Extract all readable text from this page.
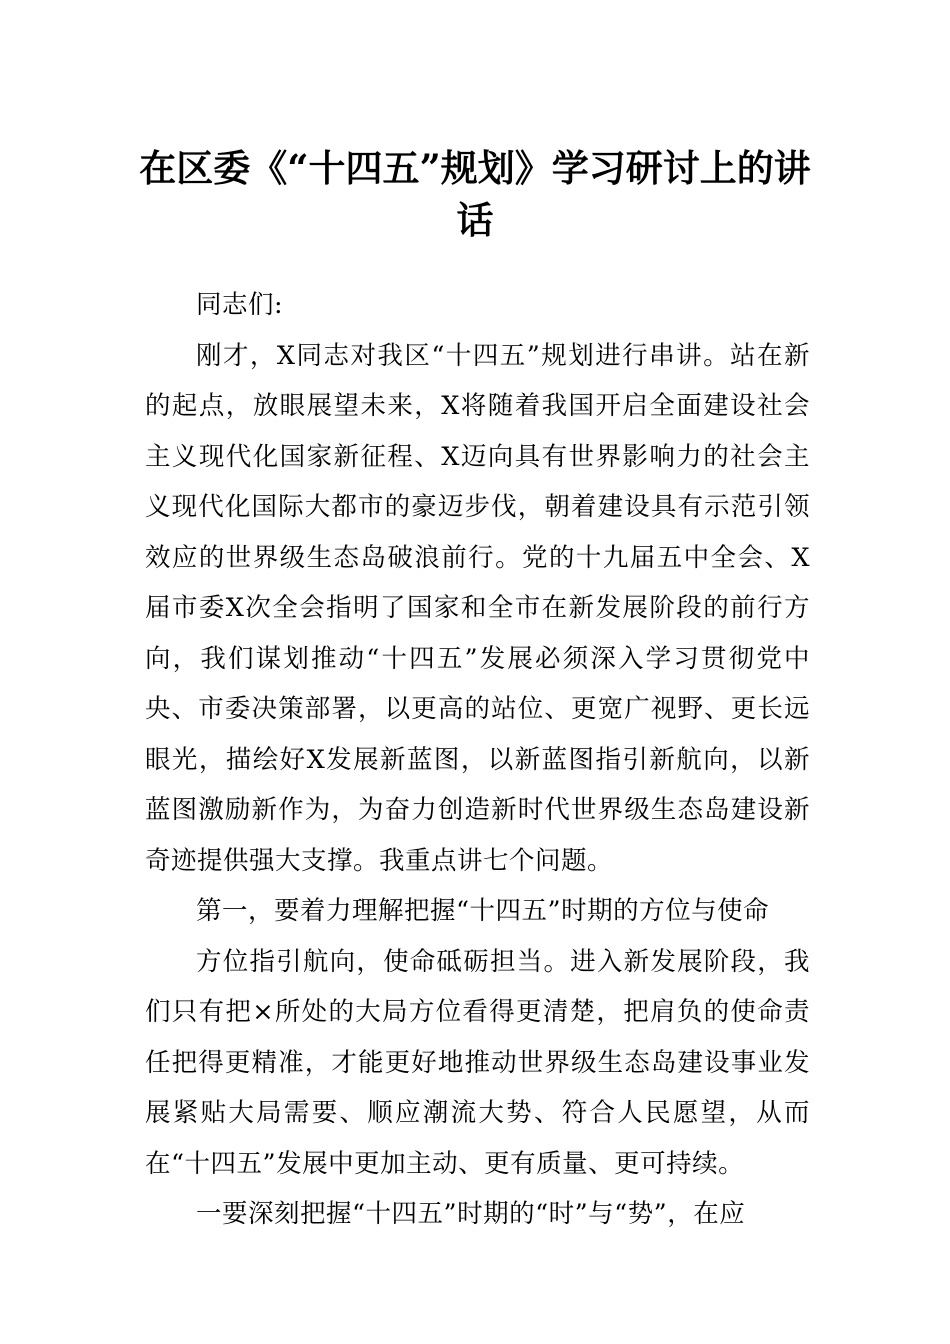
在区委《“十四五”规划》学习研讨上的讲话

同志们:

刚才，X同志对我区“十四五”规划进行串讲。站在新的起点，放眼展望未来，X将随着我国开启全面建设社会主义现代化国家新征程、X迈向具有世界影响力的社会主义现代化国际大都市的豪迈步伐，朝着建设具有示范引领效应的世界级生态岛破浪前行。党的十九届五中全会、X届市委X次全会指明了国家和全市在新发展阶段的前行方向，我们谋划推动“十四五”发展必须深入学习贯彻党中央、市委决策部署，以更高的站位、更宽广视野、更长远眼光，描绘好X发展新蓝图，以新蓝图指引新航向，以新蓝图激励新作为，为奋力创造新时代世界级生态岛建设新奇迹提供强大支撑。我重点讲七个问题。

第一，要着力理解把握“十四五”时期的方位与使命

方位指引航向，使命砥砺担当。进入新发展阶段，我们只有把×所处的大局方位看得更清楚，把肩负的使命责任把得更精准，才能更好地推动世界级生态岛建设事业发展紧贴大局需要、顺应潮流大势、符合人民愿望，从而在“十四五”发展中更加主动、更有质量、更可持续。

一要深刻把握“十四五”时期的“时”与“势”，在应
